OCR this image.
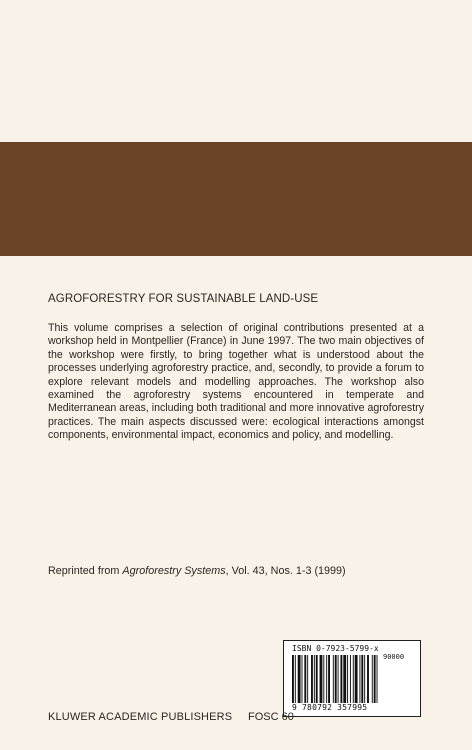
AGROFORESTRY FOR SUSTAINABLE LAND-USE
This volume comprises a selection of original contributions presented at a workshop held in Montpellier (France) in June 1997. The two main objectives of the workshop were firstly, to bring together what is understood about the processes underlying agroforestry practice, and, secondly, to provide a forum to explore relevant models and modelling approaches. The workshop also examined the agroforestry systems encountered in temperate and Mediterranean areas, including both traditional and more innovative agroforestry practices. The main aspects discussed were: ecological interactions amongst components, environmental impact, economics and policy, and modelling.
Reprinted from Agroforestry Systems, Vol. 43, Nos. 1-3 (1999)
ISBN 0-7923-5799-x
90000
9 780792 357995
KLUWER ACADEMIC PUBLISHERS FOSC 60
